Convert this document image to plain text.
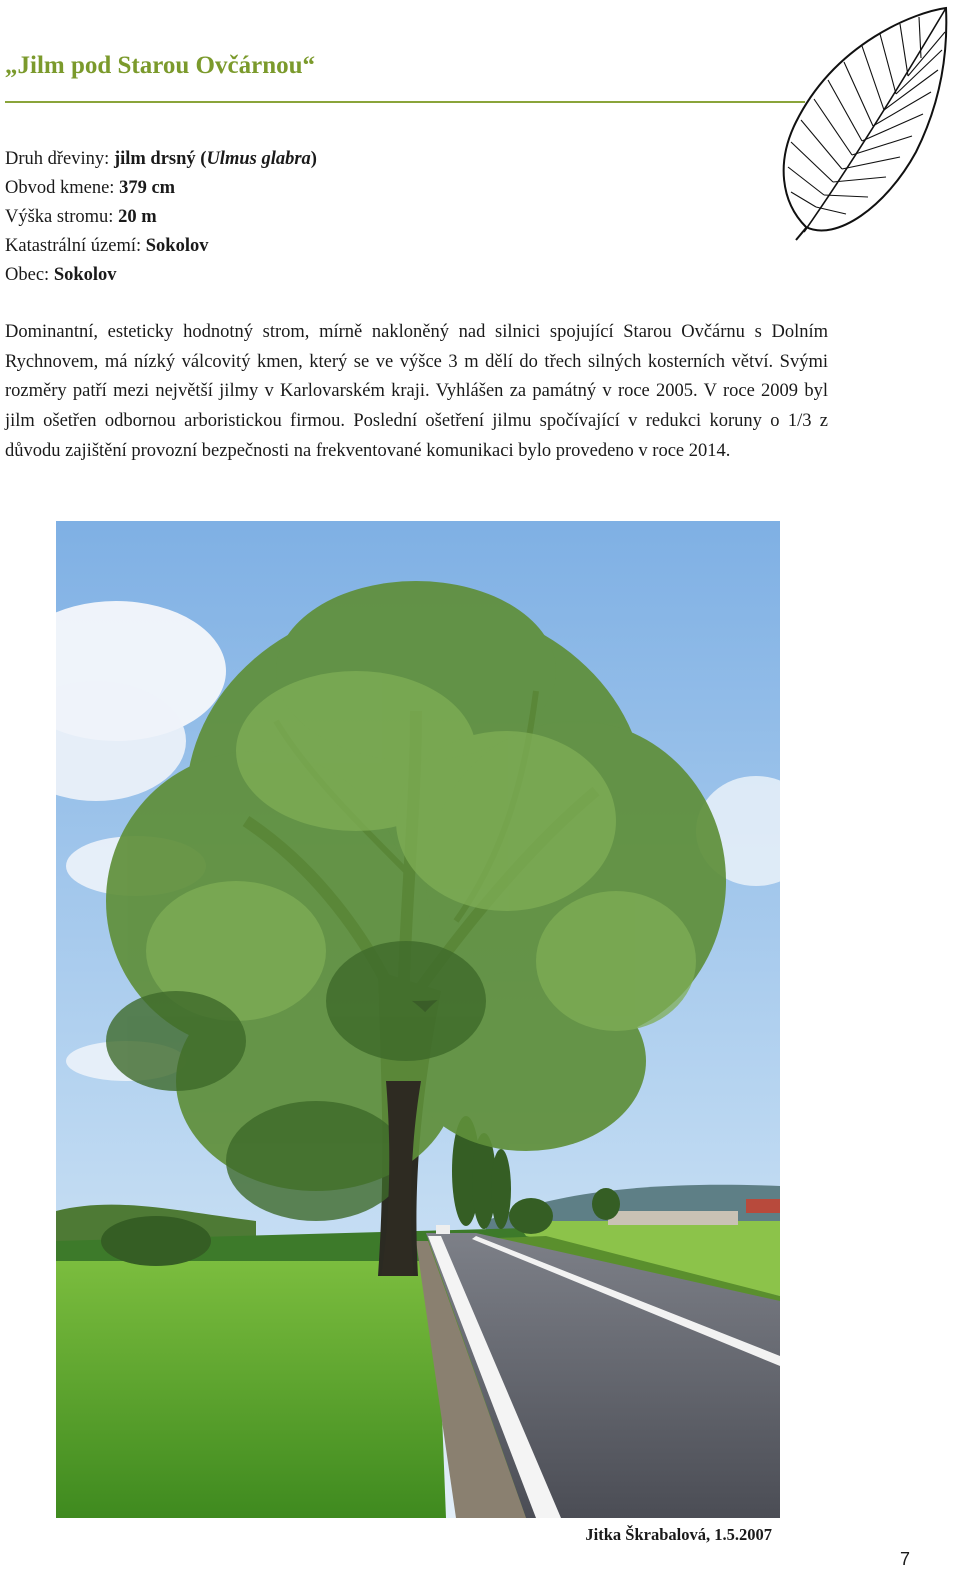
„Jilm pod Starou Ovčárnou“
Druh dřeviny: jilm drsný (Ulmus glabra)
Obvod kmene: 379 cm
Výška stromu: 20 m
Katastrální území: Sokolov
Obec: Sokolov

Dominantní, esteticky hodnotný strom, mírně nakloněný nad silnici spojující Starou Ovčárnu s Dolním Rychnovem, má nízký válcovitý kmen, který se ve výšce 3 m dělí do třech silných kosterních větví. Svými rozměry patří mezi největší jilmy v Karlovarském kraji. Vyhlášen za památný v roce 2005. V roce 2009 byl jilm ošetřen odbornou arboristickou firmou. Poslední ošetření jilmu spočívající v redukci koruny o 1/3 z důvodu zajištění provozní bezpečnosti na frekventované komunikaci bylo provedeno v roce 2014.

Jitka Škrabalová, 1.5.2007
7
